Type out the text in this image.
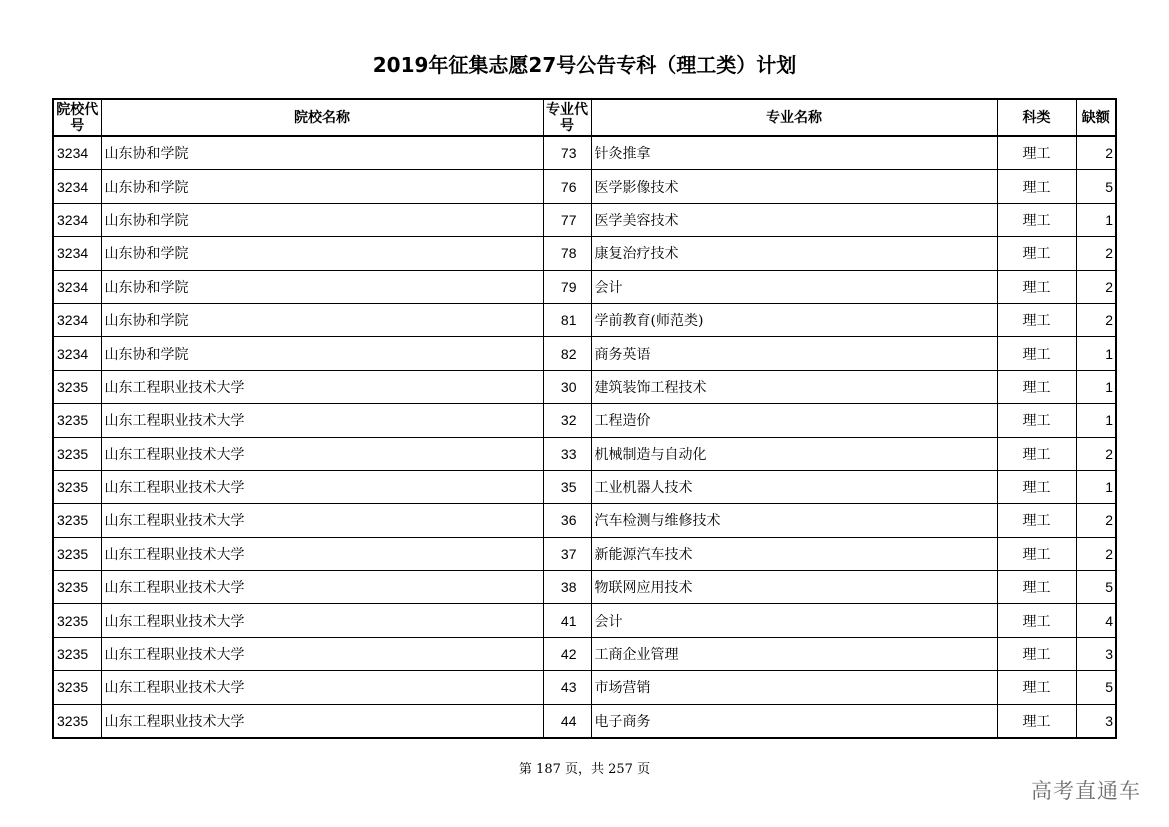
2019年征集志愿27号公告专科（理工类）计划
院校代号	院校名称	专业代号	专业名称	科类	缺额
3234	山东协和学院	73	针灸推拿	理工	2
3234	山东协和学院	76	医学影像技术	理工	5
3234	山东协和学院	77	医学美容技术	理工	1
3234	山东协和学院	78	康复治疗技术	理工	2
3234	山东协和学院	79	会计	理工	2
3234	山东协和学院	81	学前教育(师范类)	理工	2
3234	山东协和学院	82	商务英语	理工	1
3235	山东工程职业技术大学	30	建筑装饰工程技术	理工	1
3235	山东工程职业技术大学	32	工程造价	理工	1
3235	山东工程职业技术大学	33	机械制造与自动化	理工	2
3235	山东工程职业技术大学	35	工业机器人技术	理工	1
3235	山东工程职业技术大学	36	汽车检测与维修技术	理工	2
3235	山东工程职业技术大学	37	新能源汽车技术	理工	2
3235	山东工程职业技术大学	38	物联网应用技术	理工	5
3235	山东工程职业技术大学	41	会计	理工	4
3235	山东工程职业技术大学	42	工商企业管理	理工	3
3235	山东工程职业技术大学	43	市场营销	理工	5
3235	山东工程职业技术大学	44	电子商务	理工	3
第 187 页，共 257 页
高考直通车
